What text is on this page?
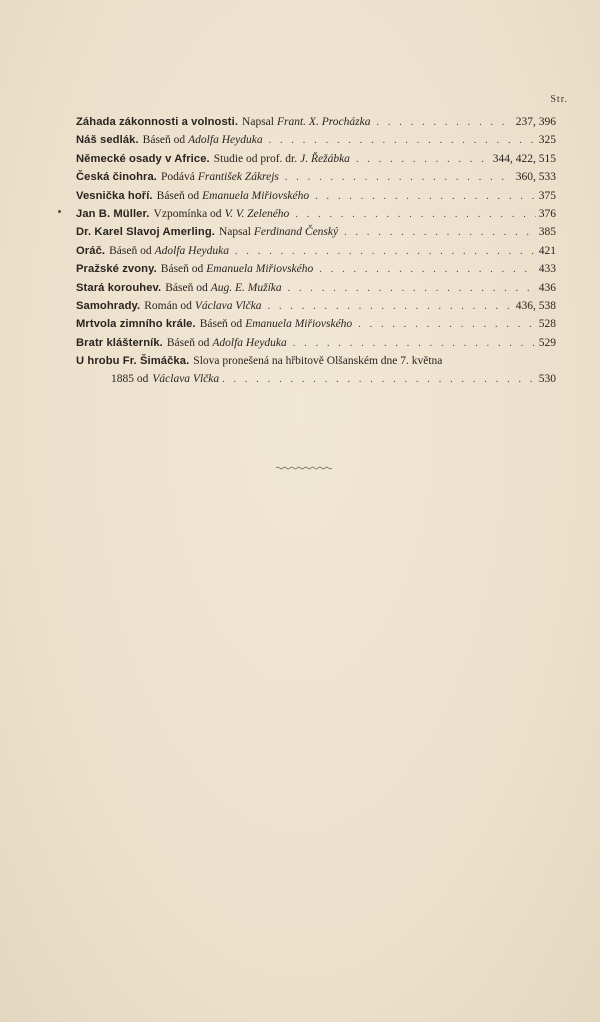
Str.
Záhada zákonnosti a volnosti. Napsal Frant. X. Procházka . . .	237, 396
Náš sedlák. Báseň od Adolfa Heyduka . . .	325
Německé osady v Africe. Studie od prof. dr. J. Řežábka . . .	344, 422, 515
Česká činohra. Podává František Zákrejs . . .	360, 533
Vesnička hoří. Báseň od Emanuela Miřiovského . . .	375
Jan B. Müller. Vzpomínka od V. V. Zeleného . . .	376
Dr. Karel Slavoj Amerling. Napsal Ferdinand Čenský . . .	385
Oráč. Báseň od Adolfa Heyduka . . .	421
Pražské zvony. Báseň od Emanuela Miřiovského . . .	433
Stará korouhev. Báseň od Aug. E. Mužíka . . .	436
Samohrady. Román od Václava Vlčka . . .	436, 538
Mrtvola zimního krále. Báseň od Emanuela Miřiovského . . .	528
Bratr klášterník. Báseň od Adolfa Heyduka . . .	529
U hrobu Fr. Šimáčka. Slova pronešená na hřbitově Olšanském dne 7. května
1885 od Václava Vlčka . . .	530
